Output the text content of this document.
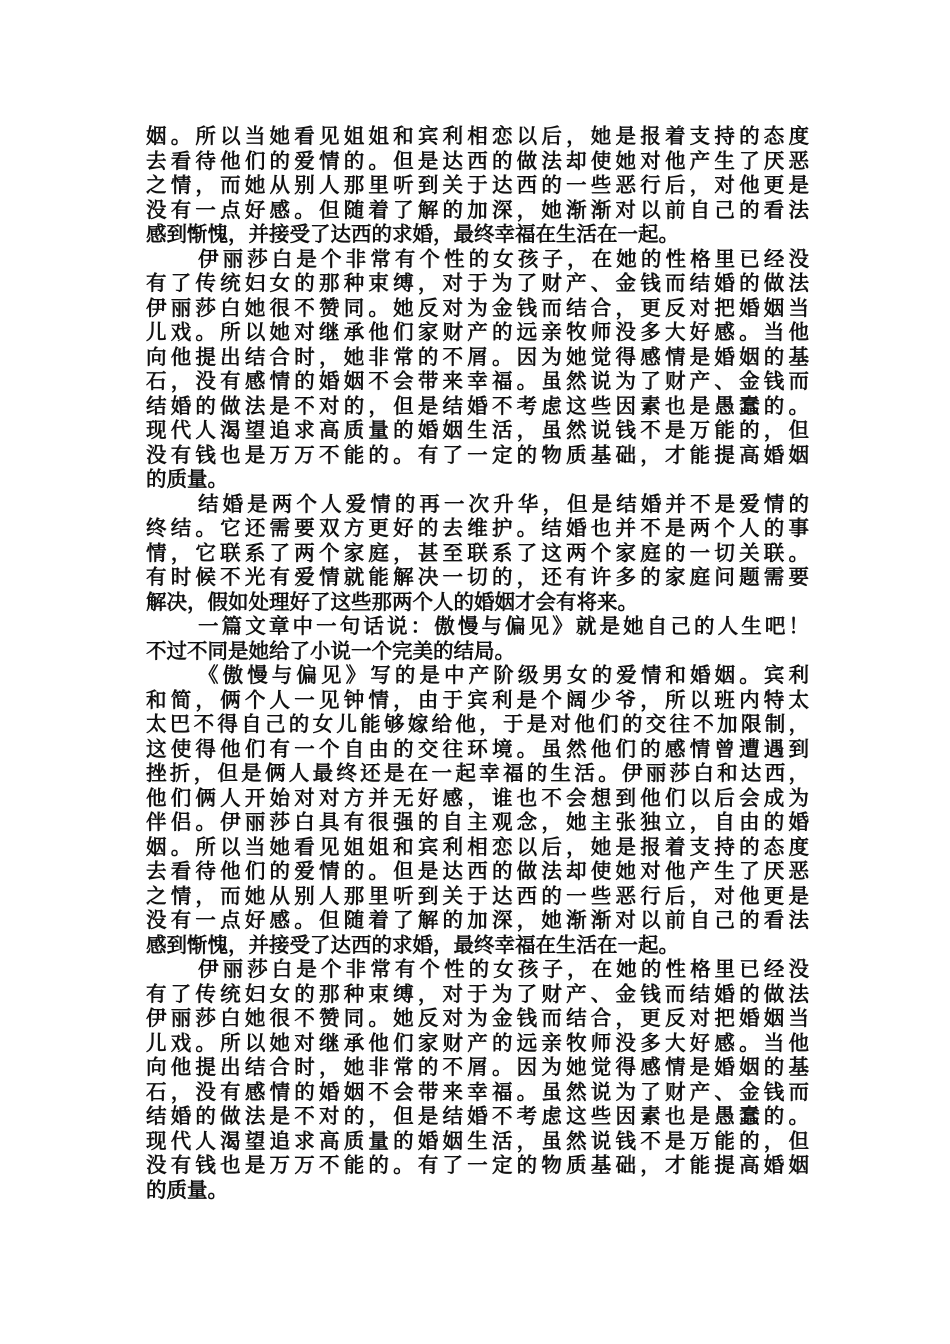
姻。所以当她看见姐姐和宾利相恋以后，她是报着支持的态度
去看待他们的爱情的。但是达西的做法却使她对他产生了厌恶
之情，而她从别人那里听到关于达西的一些恶行后，对他更是
没有一点好感。但随着了解的加深，她渐渐对以前自己的看法
感到惭愧，并接受了达西的求婚，最终幸福在生活在一起。
伊丽莎白是个非常有个性的女孩子，在她的性格里已经没
有了传统妇女的那种束缚，对于为了财产、金钱而结婚的做法
伊丽莎白她很不赞同。她反对为金钱而结合，更反对把婚姻当
儿戏。所以她对继承他们家财产的远亲牧师没多大好感。当他
向他提出结合时，她非常的不屑。因为她觉得感情是婚姻的基
石，没有感情的婚姻不会带来幸福。虽然说为了财产、金钱而
结婚的做法是不对的，但是结婚不考虑这些因素也是愚蠢的。
现代人渴望追求高质量的婚姻生活，虽然说钱不是万能的，但
没有钱也是万万不能的。有了一定的物质基础，才能提高婚姻
的质量。
结婚是两个人爱情的再一次升华，但是结婚并不是爱情的
终结。它还需要双方更好的去维护。结婚也并不是两个人的事
情，它联系了两个家庭，甚至联系了这两个家庭的一切关联。
有时候不光有爱情就能解决一切的，还有许多的家庭问题需要
解决，假如处理好了这些那两个人的婚姻才会有将来。
一篇文章中一句话说：傲慢与偏见》就是她自己的人生吧！
不过不同是她给了小说一个完美的结局。
《傲慢与偏见》写的是中产阶级男女的爱情和婚姻。宾利
和简，俩个人一见钟情，由于宾利是个阔少爷，所以班内特太
太巴不得自己的女儿能够嫁给他，于是对他们的交往不加限制，
这使得他们有一个自由的交往环境。虽然他们的感情曾遭遇到
挫折，但是俩人最终还是在一起幸福的生活。伊丽莎白和达西，
他们俩人开始对对方并无好感，谁也不会想到他们以后会成为
伴侣。伊丽莎白具有很强的自主观念，她主张独立，自由的婚
姻。所以当她看见姐姐和宾利相恋以后，她是报着支持的态度
去看待他们的爱情的。但是达西的做法却使她对他产生了厌恶
之情，而她从别人那里听到关于达西的一些恶行后，对他更是
没有一点好感。但随着了解的加深，她渐渐对以前自己的看法
感到惭愧，并接受了达西的求婚，最终幸福在生活在一起。
伊丽莎白是个非常有个性的女孩子，在她的性格里已经没
有了传统妇女的那种束缚，对于为了财产、金钱而结婚的做法
伊丽莎白她很不赞同。她反对为金钱而结合，更反对把婚姻当
儿戏。所以她对继承他们家财产的远亲牧师没多大好感。当他
向他提出结合时，她非常的不屑。因为她觉得感情是婚姻的基
石，没有感情的婚姻不会带来幸福。虽然说为了财产、金钱而
结婚的做法是不对的，但是结婚不考虑这些因素也是愚蠢的。
现代人渴望追求高质量的婚姻生活，虽然说钱不是万能的，但
没有钱也是万万不能的。有了一定的物质基础，才能提高婚姻
的质量。
